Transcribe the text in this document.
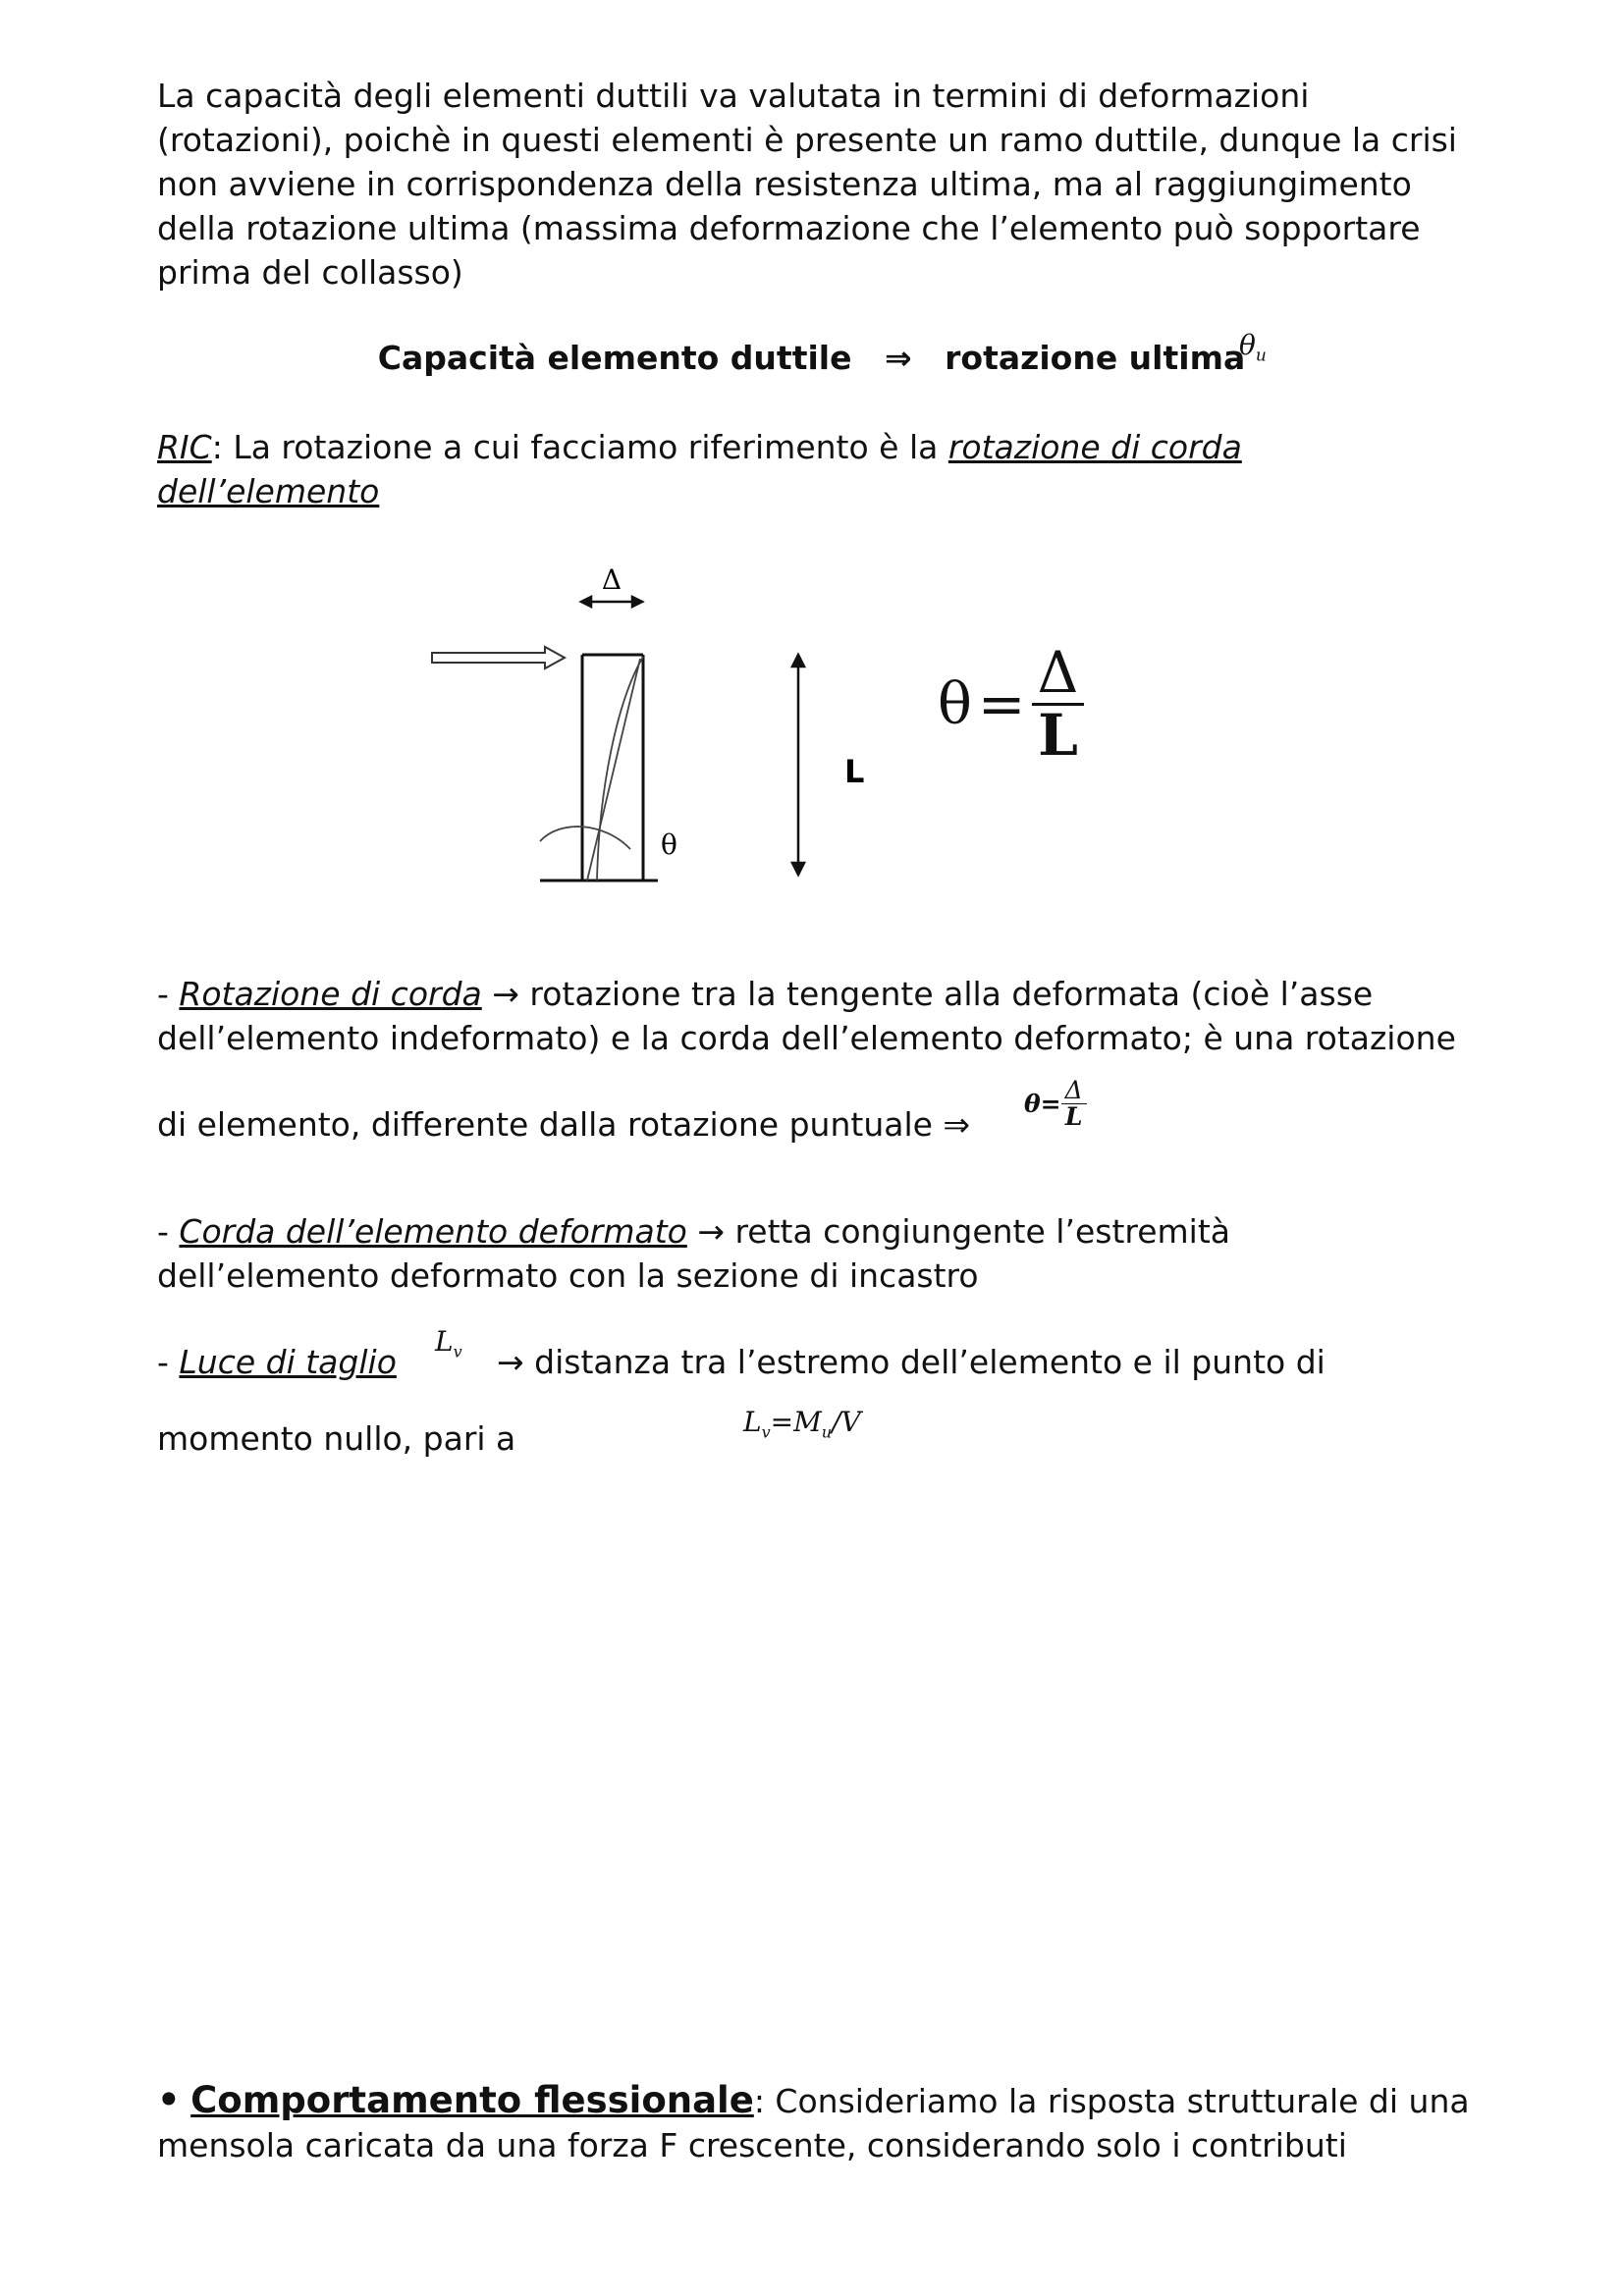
La capacità degli elementi duttili va valutata in termini di deformazioni
(rotazioni), poichè in questi elementi è presente un ramo duttile, dunque la crisi
non avviene in corrispondenza della resistenza ultima, ma al raggiungimento
della rotazione ultima (massima deformazione che l’elemento può sopportare
prima del collasso)
Capacità elemento duttile ⇒ rotazione ultima
$\theta_u$
RIC: La rotazione a cui facciamo riferimento è la rotazione di corda
dell’elemento
Δ
θ
L
$\theta = \frac{\Delta}{L}$
- Rotazione di corda → rotazione tra la tengente alla deformata (cioè l’asse
dell’elemento indeformato) e la corda dell’elemento deformato; è una rotazione
di elemento, differente dalla rotazione puntuale ⇒
$\theta= \frac{\Delta}{L}$
- Corda dell’elemento deformato → retta congiungente l’estremità
dell’elemento deformato con la sezione di incastro
- Luce di taglio
$L_v$ → distanza tra l’estremo dell’elemento e il punto di
momento nullo, pari a	$L_v=M_u/V$
• Comportamento flessionale: Consideriamo la risposta strutturale di una
mensola caricata da una forza F crescente, considerando solo i contributi
